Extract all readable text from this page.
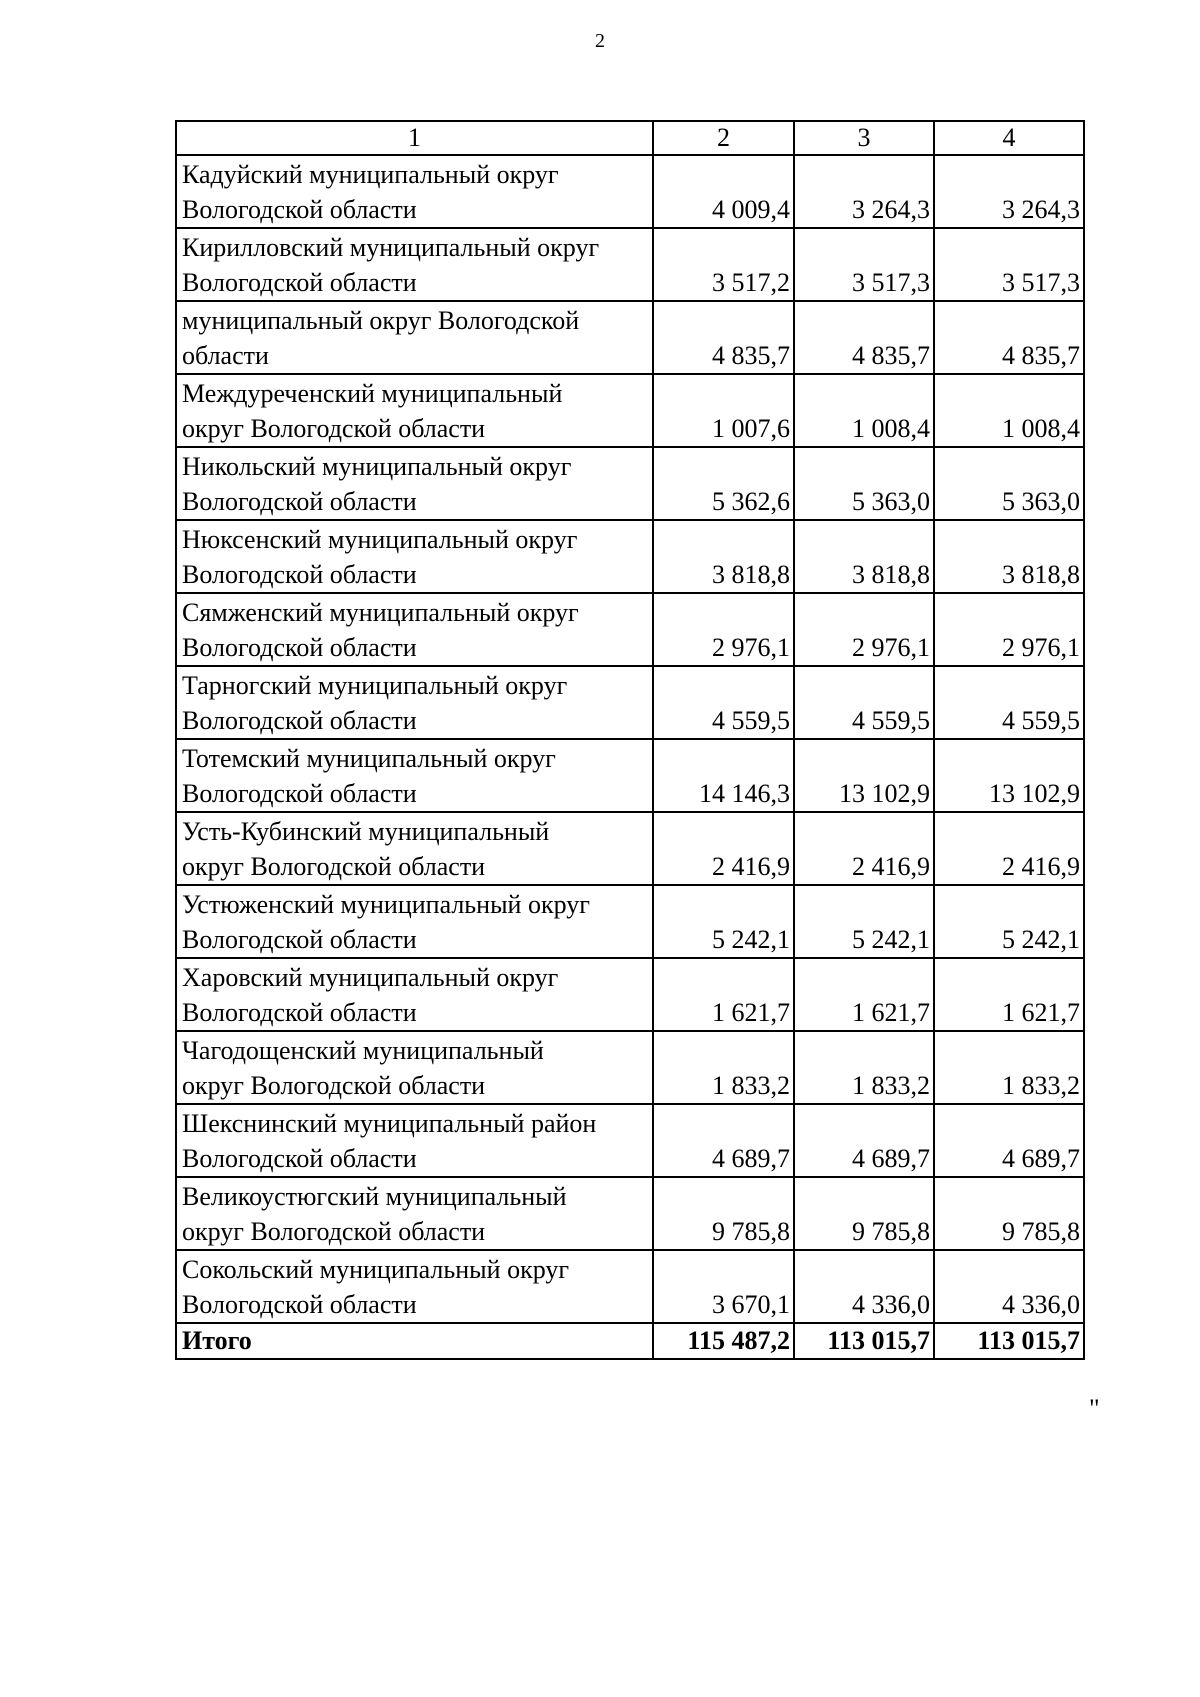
2
1	2	3	4

Кадуйский муниципальный округ
Вологодской области	4 009,4	3 264,3	3 264,3

Кирилловский муниципальный округ
Вологодской области	3 517,2	3 517,3	3 517,3

муниципальный округ Вологодской
области	4 835,7	4 835,7	4 835,7

Междуреченский муниципальный
округ Вологодской области	1 007,6	1 008,4	1 008,4

Никольский муниципальный округ
Вологодской области	5 362,6	5 363,0	5 363,0

Нюксенский муниципальный округ
Вологодской области	3 818,8	3 818,8	3 818,8

Сямженский муниципальный округ
Вологодской области	2 976,1	2 976,1	2 976,1

Тарногский муниципальный округ
Вологодской области	4 559,5	4 559,5	4 559,5

Тотемский муниципальный округ
Вологодской области	14 146,3	13 102,9	13 102,9

Усть-Кубинский муниципальный
округ Вологодской области	2 416,9	2 416,9	2 416,9

Устюженский муниципальный округ
Вологодской области	5 242,1	5 242,1	5 242,1

Харовский муниципальный округ
Вологодской области	1 621,7	1 621,7	1 621,7

Чагодощенский муниципальный
округ Вологодской области	1 833,2	1 833,2	1 833,2

Шекснинский муниципальный район
Вологодской области	4 689,7	4 689,7	4 689,7

Великоустюгский муниципальный
округ Вологодской области	9 785,8	9 785,8	9 785,8

Сокольский муниципальный округ
Вологодской области	3 670,1	4 336,0	4 336,0
Итого	115 487,2	113 015,7	113 015,7
"
